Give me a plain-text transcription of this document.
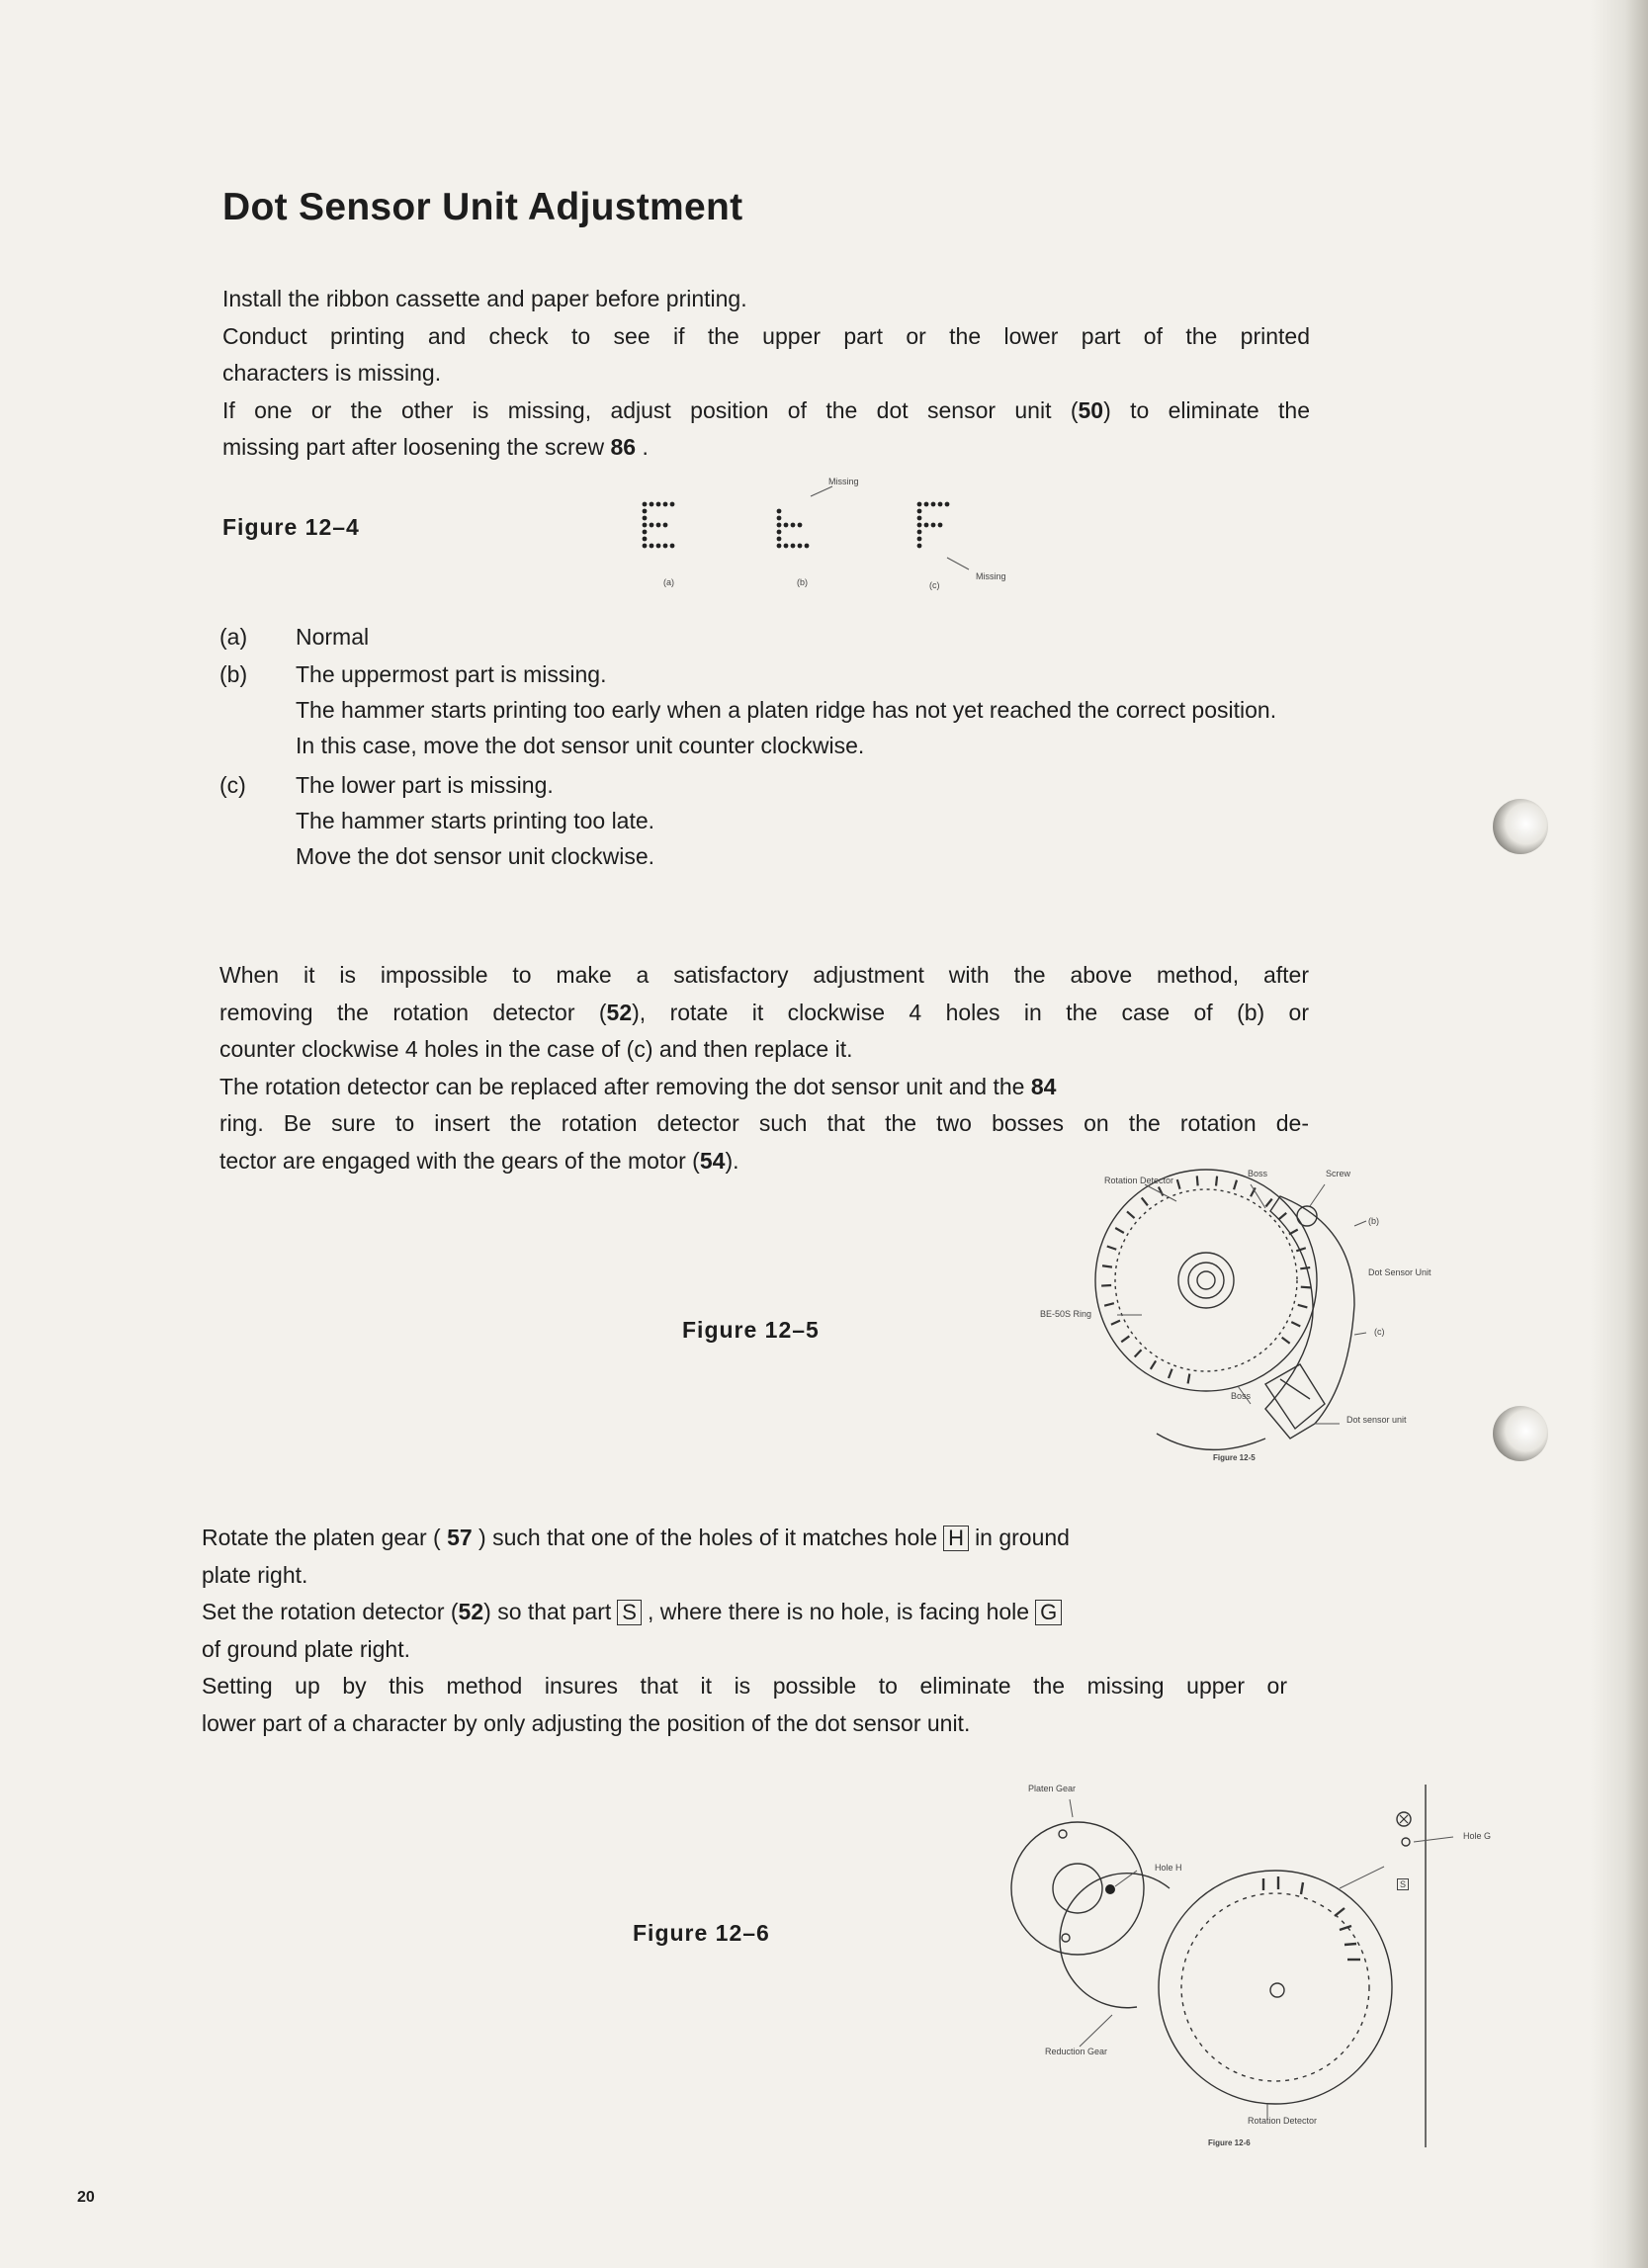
Dot Sensor Unit Adjustment
Install the ribbon cassette and paper before printing.
Conduct printing and check to see if the upper part or the lower part of the printed
characters is missing.
If one or the other is missing, adjust position of the dot sensor unit (50) to eliminate the
missing part after loosening the screw 86 .
Figure 12–4
Missing
Missing
(a)	(b)	(c)
(a) Normal
(b) The uppermost part is missing.
The hammer starts printing too early when a platen ridge has not yet reached the correct position.
In this case, move the dot sensor unit counter clockwise.
(c) The lower part is missing.
The hammer starts printing too late.
Move the dot sensor unit clockwise.
When it is impossible to make a satisfactory adjustment with the above method, after
removing the rotation detector (52), rotate it clockwise 4 holes in the case of (b) or
counter clockwise 4 holes in the case of (c) and then replace it.
The rotation detector can be replaced after removing the dot sensor unit and the 84
ring. Be sure to insert the rotation detector such that the two bosses on the rotation de-
tector are engaged with the gears of the motor (54).
Figure 12–5
Rotation Detector
Boss	Screw
(b)
Dot Sensor Unit
BE-50S Ring
(c)
Boss
Dot sensor unit
Figure 12-5
Rotate the platen gear ( 57 ) such that one of the holes of it matches hole H in ground
plate right.
Set the rotation detector (52) so that part S , where there is no hole, is facing hole G
of ground plate right.
Setting up by this method insures that it is possible to eliminate the missing upper or
lower part of a character by only adjusting the position of the dot sensor unit.
Figure 12–6
Platen Gear
Hole H
Hole G
S
Reduction Gear
Rotation Detector
Figure 12-6
20
